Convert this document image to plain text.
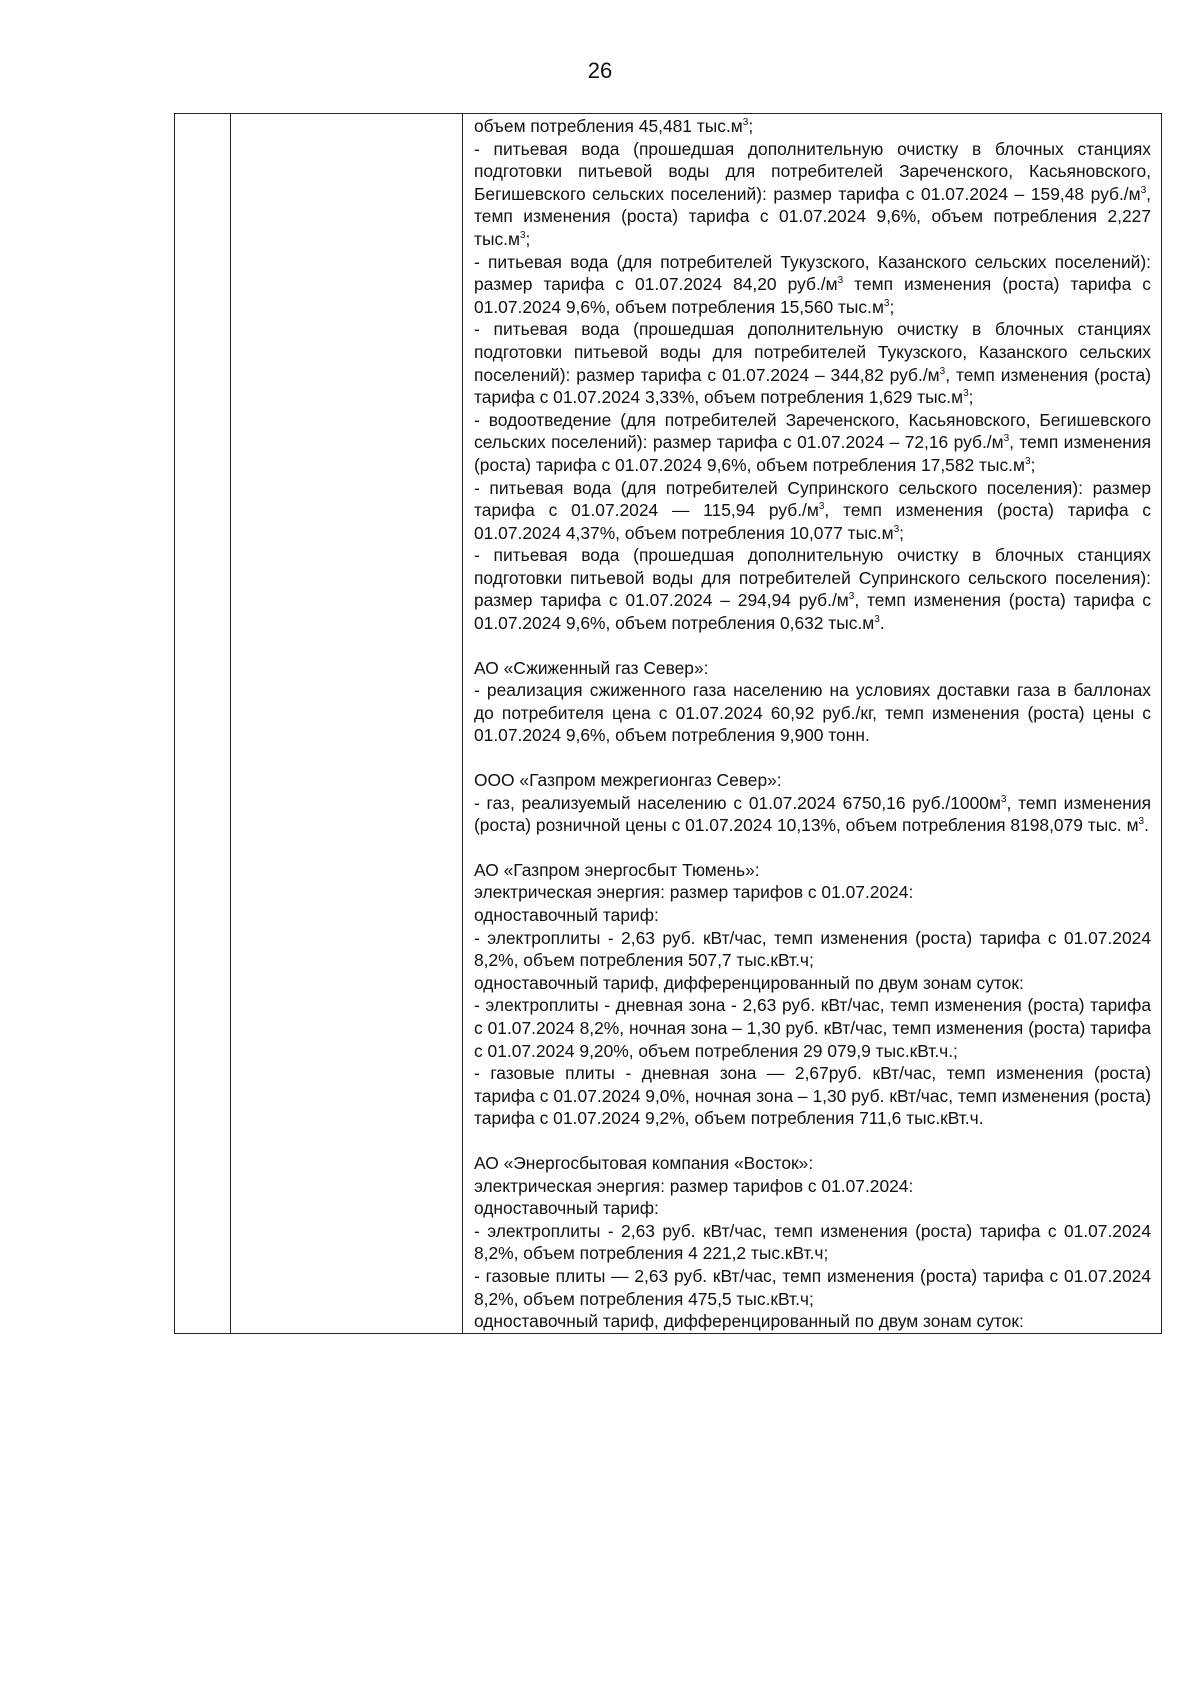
26

объем потребления 45,481 $тыс.м^3$;

- питьевая вода (прошедшая дополнительную очистку в блочных станциях подготовки питьевой воды для потребителей Зареченского, Касьяновского, Бегишевского сельских поселений): размер тарифа с 01.07.2024 – 159,48 $руб./м^3$, темп изменения (роста) тарифа с 01.07.2024 9,6%, объем потребления 2,227 $тыс.м^3$;

- питьевая вода (для потребителей Тукузского, Казанского сельских поселений): размер тарифа с 01.07.2024 84,20 $руб./м^3$ темп изменения (роста) тарифа с 01.07.2024 9,6%, объем потребления 15,560 $тыс.м^3$;

- питьевая вода (прошедшая дополнительную очистку в блочных станциях подготовки питьевой воды для потребителей Тукузского, Казанского сельских поселений): размер тарифа с 01.07.2024 – 344,82 $руб./м^3$, темп изменения (роста) тарифа с 01.07.2024 3,33%, объем потребления 1,629 $тыс.м^3$;

- водоотведение (для потребителей Зареченского, Касьяновского, Бегишевского сельских поселений): размер тарифа с 01.07.2024 – 72,16 $руб./м^3$, темп изменения (роста) тарифа с 01.07.2024 9,6%, объем потребления 17,582 $тыс.м^3$;

- питьевая вода (для потребителей Супринского сельского поселения): размер тарифа с 01.07.2024 — 115,94 $руб./м^3$, темп изменения (роста) тарифа с 01.07.2024 4,37%, объем потребления 10,077 $тыс.м^3$;

- питьевая вода (прошедшая дополнительную очистку в блочных станциях подготовки питьевой воды для потребителей Супринского сельского поселения): размер тарифа с 01.07.2024 – 294,94 $руб./м^3$, темп изменения (роста) тарифа с 01.07.2024 9,6%, объем потребления 0,632 $тыс.м^3$.

АО «Сжиженный газ Север»:

- реализация сжиженного газа населению на условиях доставки газа в баллонах до потребителя цена с 01.07.2024 60,92 руб./кг, темп изменения (роста) цены с 01.07.2024 9,6%, объем потребления 9,900 тонн.

ООО «Газпром межрегионгаз Север»:

- газ, реализуемый населению с 01.07.2024 6750,16 $руб./1000м^3$, темп изменения (роста) розничной цены с 01.07.2024 10,13%, объем потребления 8198,079 тыс. $м^3$.

АО «Газпром энергосбыт Тюмень»:

электрическая энергия: размер тарифов с 01.07.2024:

одноставочный тариф:

- электроплиты - 2,63 руб. кВт/час, темп изменения (роста) тарифа с 01.07.2024 8,2%, объем потребления 507,7 тыс.кВт.ч;

одноставочный тариф, дифференцированный по двум зонам суток:

- электроплиты - дневная зона - 2,63 руб. кВт/час, темп изменения (роста) тарифа с 01.07.2024 8,2%, ночная зона – 1,30 руб. кВт/час, темп изменения (роста) тарифа с 01.07.2024 9,20%, объем потребления 29 079,9 тыс.кВт.ч.;

- газовые плиты - дневная зона — 2,67руб. кВт/час, темп изменения (роста) тарифа с 01.07.2024 9,0%, ночная зона – 1,30 руб. кВт/час, темп изменения (роста) тарифа с 01.07.2024 9,2%, объем потребления 711,6 тыс.кВт.ч.

АО «Энергосбытовая компания «Восток»:

электрическая энергия: размер тарифов с 01.07.2024:

одноставочный тариф:

- электроплиты - 2,63 руб. кВт/час, темп изменения (роста) тарифа с 01.07.2024 8,2%, объем потребления 4 221,2 тыс.кВт.ч;

- газовые плиты — 2,63 руб. кВт/час, темп изменения (роста) тарифа с 01.07.2024 8,2%, объем потребления 475,5 тыс.кВт.ч;

одноставочный тариф, дифференцированный по двум зонам суток:
